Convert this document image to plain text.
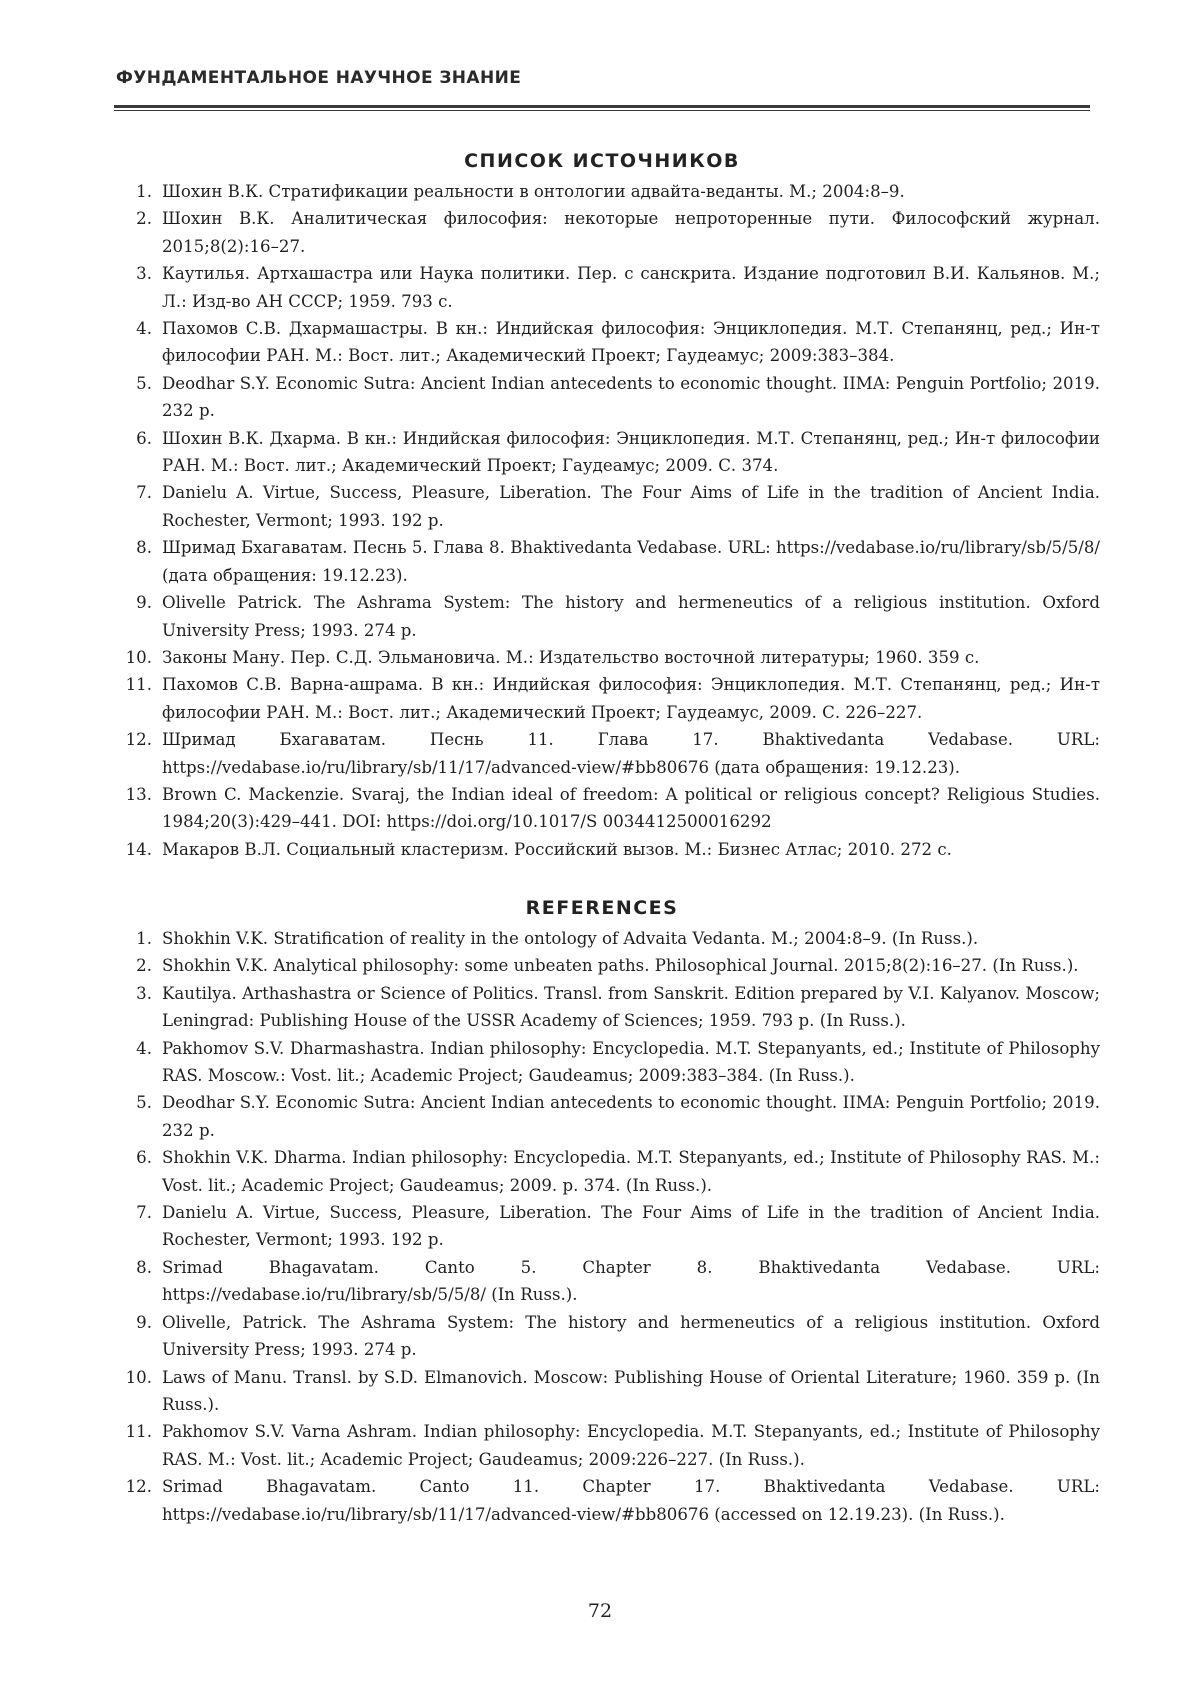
ФУНДАМЕНТАЛЬНОЕ НАУЧНОЕ ЗНАНИЕ
СПИСОК ИСТОЧНИКОВ
1. Шохин В.К. Стратификации реальности в онтологии адвайта-веданты. М.; 2004:8–9.
2. Шохин В.К. Аналитическая философия: некоторые непроторенные пути. Философский журнал. 2015;8(2):16–27.
3. Каутилья. Артхашастра или Наука политики. Пер. с санскрита. Издание подготовил В.И. Кальянов. М.; Л.: Изд-во АН СССР; 1959. 793 с.
4. Пахомов С.В. Дхармашастры. В кн.: Индийская философия: Энциклопедия. М.Т. Степанянц, ред.; Ин-т философии РАН. М.: Вост. лит.; Академический Проект; Гаудеамус; 2009:383–384.
5. Deodhar S.Y. Economic Sutra: Ancient Indian antecedents to economic thought. IIMA: Penguin Portfolio; 2019. 232 p.
6. Шохин В.К. Дхарма. В кн.: Индийская философия: Энциклопедия. М.Т. Степанянц, ред.; Ин-т философии РАН. М.: Вост. лит.; Академический Проект; Гаудеамус; 2009. С. 374.
7. Danielu A. Virtue, Success, Pleasure, Liberation. The Four Aims of Life in the tradition of Ancient India. Rochester, Vermont; 1993. 192 p.
8. Шримад Бхагаватам. Песнь 5. Глава 8. Bhaktivedanta Vedabase. URL: https://vedabase.io/ru/library/sb/5/5/8/ (дата обращения: 19.12.23).
9. Olivelle Patrick. The Ashrama System: The history and hermeneutics of a religious institution. Oxford University Press; 1993. 274 p.
10. Законы Ману. Пер. С.Д. Эльмановича. М.: Издательство восточной литературы; 1960. 359 с.
11. Пахомов С.В. Варна-ашрама. В кн.: Индийская философия: Энциклопедия. М.Т. Степанянц, ред.; Ин-т философии РАН. М.: Вост. лит.; Академический Проект; Гаудеамус, 2009. С. 226–227.
12. Шримад Бхагаватам. Песнь 11. Глава 17. Bhaktivedanta Vedabase. URL: https://vedabase.io/ru/library/sb/11/17/advanced-view/#bb80676 (дата обращения: 19.12.23).
13. Brown C. Mackenzie. Svaraj, the Indian ideal of freedom: A political or religious concept? Religious Studies. 1984;20(3):429–441. DOI: https://doi.org/10.1017/S 0034412500016292
14. Макаров В.Л. Социальный кластеризм. Российский вызов. М.: Бизнес Атлас; 2010. 272 с.
REFERENCES
1. Shokhin V.K. Stratification of reality in the ontology of Advaita Vedanta. M.; 2004:8–9. (In Russ.).
2. Shokhin V.K. Analytical philosophy: some unbeaten paths. Philosophical Journal. 2015;8(2):16–27. (In Russ.).
3. Kautilya. Arthashastra or Science of Politics. Transl. from Sanskrit. Edition prepared by V.I. Kalyanov. Moscow; Leningrad: Publishing House of the USSR Academy of Sciences; 1959. 793 p. (In Russ.).
4. Pakhomov S.V. Dharmashastra. Indian philosophy: Encyclopedia. M.T. Stepanyants, ed.; Institute of Philosophy RAS. Moscow.: Vost. lit.; Academic Project; Gaudeamus; 2009:383–384. (In Russ.).
5. Deodhar S.Y. Economic Sutra: Ancient Indian antecedents to economic thought. IIMA: Penguin Portfolio; 2019. 232 p.
6. Shokhin V.K. Dharma. Indian philosophy: Encyclopedia. M.T. Stepanyants, ed.; Institute of Philosophy RAS. M.: Vost. lit.; Academic Project; Gaudeamus; 2009. p. 374. (In Russ.).
7. Danielu A. Virtue, Success, Pleasure, Liberation. The Four Aims of Life in the tradition of Ancient India. Rochester, Vermont; 1993. 192 p.
8. Srimad Bhagavatam. Canto 5. Chapter 8. Bhaktivedanta Vedabase. URL: https://vedabase.io/ru/library/sb/5/5/8/ (In Russ.).
9. Olivelle, Patrick. The Ashrama System: The history and hermeneutics of a religious institution. Oxford University Press; 1993. 274 p.
10. Laws of Manu. Transl. by S.D. Elmanovich. Moscow: Publishing House of Oriental Literature; 1960. 359 p. (In Russ.).
11. Pakhomov S.V. Varna Ashram. Indian philosophy: Encyclopedia. M.T. Stepanyants, ed.; Institute of Philosophy RAS. M.: Vost. lit.; Academic Project; Gaudeamus; 2009:226–227. (In Russ.).
12. Srimad Bhagavatam. Canto 11. Chapter 17. Bhaktivedanta Vedabase. URL: https://vedabase.io/ru/library/sb/11/17/advanced-view/#bb80676 (accessed on 12.19.23). (In Russ.).
72
